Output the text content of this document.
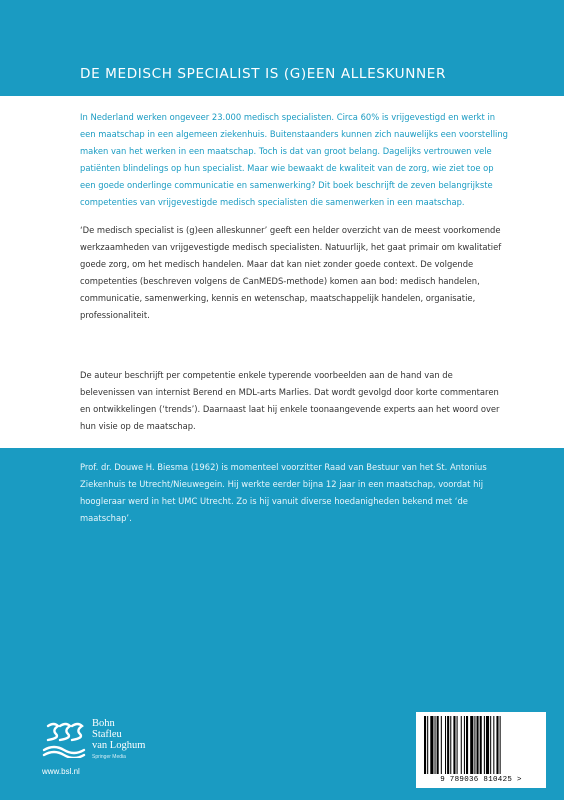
DE MEDISCH SPECIALIST IS (G)EEN ALLESKUNNER

In Nederland werken ongeveer 23.000 medisch specialisten. Circa 60% is vrijgevestigd en werkt in een maatschap in een algemeen ziekenhuis. Buitenstaanders kunnen zich nauwelijks een voorstelling maken van het werken in een maatschap. Toch is dat van groot belang. Dagelijks vertrouwen vele patiënten blindelings op hun specialist. Maar wie bewaakt de kwaliteit van de zorg, wie ziet toe op een goede onderlinge communicatie en samenwerking? Dit boek beschrijft de zeven belangrijkste competenties van vrijgevestigde medisch specialisten die samenwerken in een maatschap.

‘De medisch specialist is (g)een alleskunner’ geeft een helder overzicht van de meest voorkomende werkzaamheden van vrijgevestigde medisch specialisten. Natuurlijk, het gaat primair om kwalitatief goede zorg, om het medisch handelen. Maar dat kan niet zonder goede context. De volgende competenties (beschreven volgens de CanMEDS-methode) komen aan bod: medisch handelen, communicatie, samenwerking, kennis en wetenschap, maatschappelijk handelen, organisatie, professionaliteit.

De auteur beschrijft per competentie enkele typerende voorbeelden aan de hand van de belevenissen van internist Berend en MDL-arts Marlies. Dat wordt gevolgd door korte commentaren en ontwikkelingen (‘trends’). Daarnaast laat hij enkele toonaangevende experts aan het woord over hun visie op de maatschap.

Prof. dr. Douwe H. Biesma (1962) is momenteel voorzitter Raad van Bestuur van het St. Antonius Ziekenhuis te Utrecht/Nieuwegein. Hij werkte eerder bijna 12 jaar in een maatschap, voordat hij hoogleraar werd in het UMC Utrecht. Zo is hij vanuit diverse hoedanigheden bekend met ‘de maatschap’.

Bohn
Stafleu
van Loghum
Springer Media
www.bsl.nl
9 789036 810425 >
